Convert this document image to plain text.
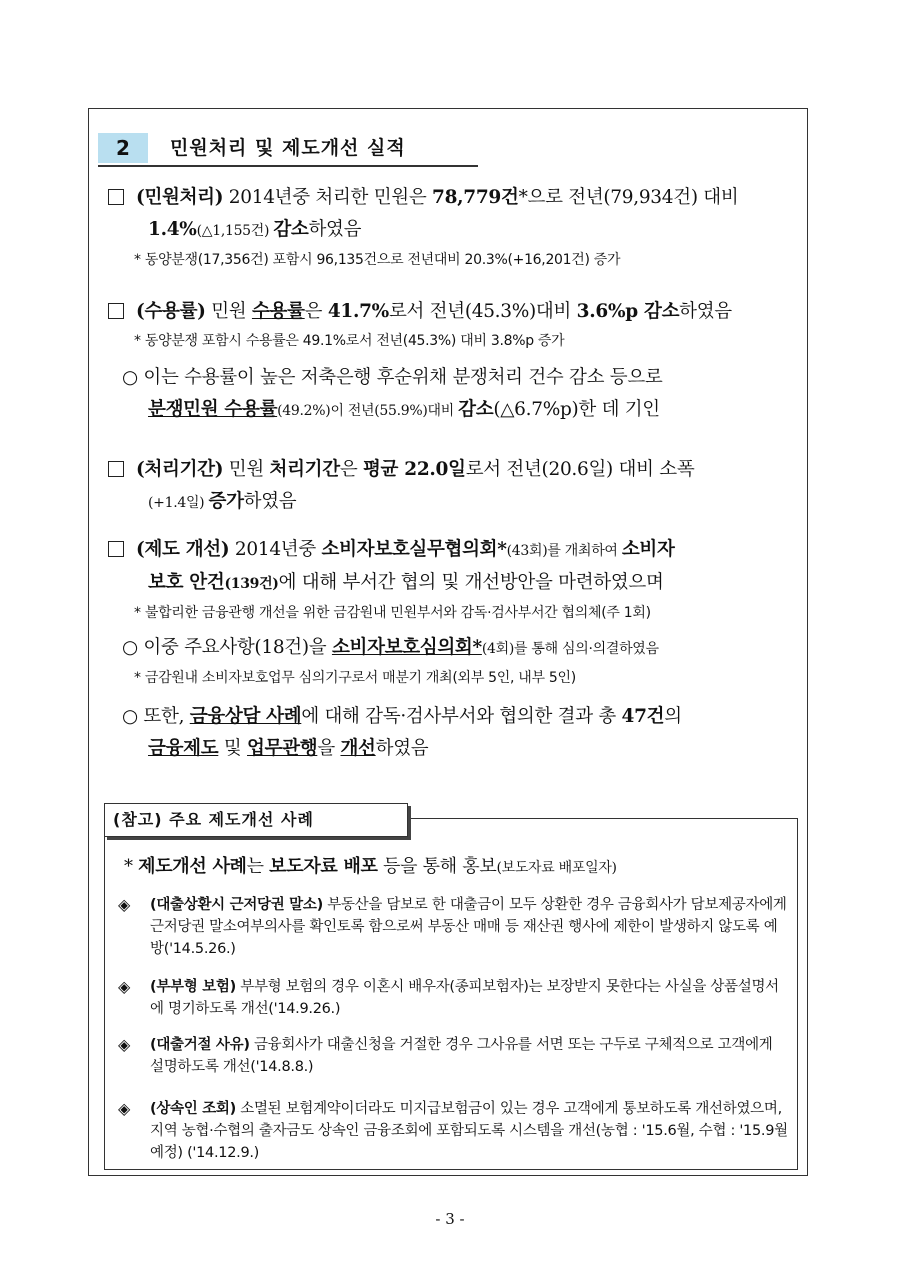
2	민원처리 및 제도개선 실적
(민원처리) 2014년중 처리한 민원은 78,779건*으로 전년(79,934건) 대비
1.4%(△1,155건) 감소하였음
* 동양분쟁(17,356건) 포함시 96,135건으로 전년대비 20.3%(+16,201건) 증가
(수용률) 민원 수용률은 41.7%로서 전년(45.3%)대비 3.6%p 감소하였음
* 동양분쟁 포함시 수용률은 49.1%로서 전년(45.3%) 대비 3.8%p 증가
○ 이는 수용률이 높은 저축은행 후순위채 분쟁처리 건수 감소 등으로
분쟁민원 수용률(49.2%)이 전년(55.9%)대비 감소(△6.7%p)한 데 기인
(처리기간) 민원 처리기간은 평균 22.0일로서 전년(20.6일) 대비 소폭
(+1.4일) 증가하였음
(제도 개선) 2014년중 소비자보호실무협의회*(43회)를 개최하여 소비자
보호 안건(139건)에 대해 부서간 협의 및 개선방안을 마련하였으며
* 불합리한 금융관행 개선을 위한 금감원내 민원부서와 감독·검사부서간 협의체(주 1회)
○ 이중 주요사항(18건)을 소비자보호심의회*(4회)를 통해 심의·의결하였음
* 금감원내 소비자보호업무 심의기구로서 매분기 개최(외부 5인, 내부 5인)
○ 또한, 금융상담 사례에 대해 감독·검사부서와 협의한 결과 총 47건의
금융제도 및 업무관행을 개선하였음
(참고) 주요 제도개선 사례
* 제도개선 사례는 보도자료 배포 등을 통해 홍보(보도자료 배포일자)
◈	(대출상환시 근저당권 말소) 부동산을 담보로 한 대출금이 모두 상환한 경우 금융회사가 담보제공자에게 근저당권 말소여부의사를 확인토록 함으로써 부동산 매매 등 재산권 행사에 제한이 발생하지 않도록 예방('14.5.26.)
◈	(부부형 보험) 부부형 보험의 경우 이혼시 배우자(종피보험자)는 보장받지 못한다는 사실을 상품설명서에 명기하도록 개선('14.9.26.)
◈	(대출거절 사유) 금융회사가 대출신청을 거절한 경우 그사유를 서면 또는 구두로 구체적으로 고객에게 설명하도록 개선('14.8.8.)
◈	(상속인 조회) 소멸된 보험계약이더라도 미지급보험금이 있는 경우 고객에게 통보하도록 개선하였으며, 지역 농협·수협의 출자금도 상속인 금융조회에 포함되도록 시스템을 개선(농협 : '15.6월, 수협 : '15.9월 예정) ('14.12.9.)
- 3 -
